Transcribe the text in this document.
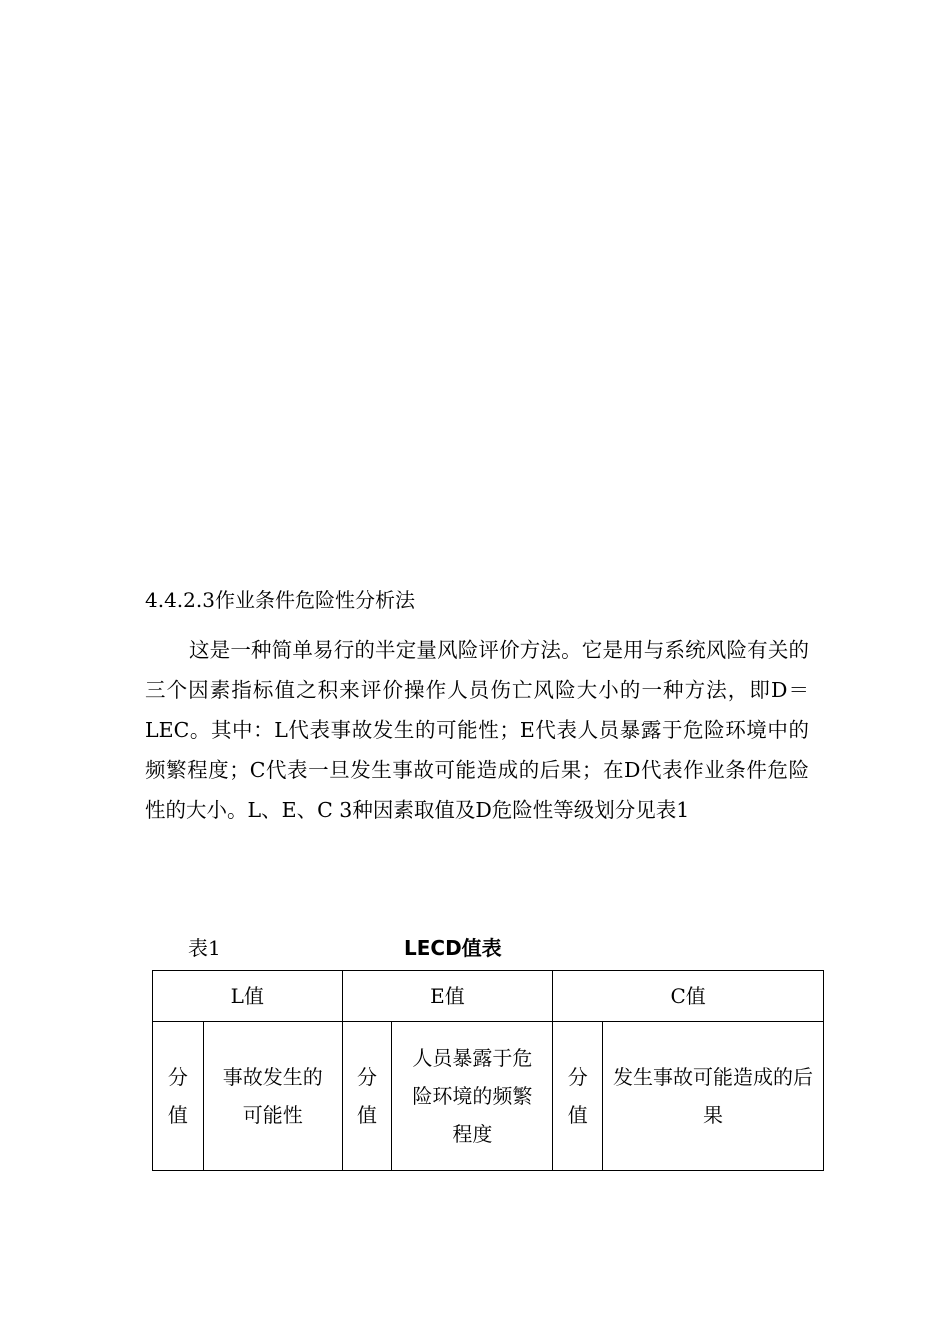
4.4.2.3作业条件危险性分析法

这是一种简单易行的半定量风险评价方法。它是用与系统风险有关的三个因素指标值之积来评价操作人员伤亡风险大小的一种方法，即D＝LEC。其中：L代表事故发生的可能性；E代表人员暴露于危险环境中的频繁程度；C代表一旦发生事故可能造成的后果；在D代表作业条件危险性的大小。L、E、C 3种因素取值及D危险性等级划分见表1

表1	LECD值表
L值		E值		C值	
分值	事故发生的可能性	分值	人员暴露于危险环境的频繁程度	分值	发生事故可能造成的后果
